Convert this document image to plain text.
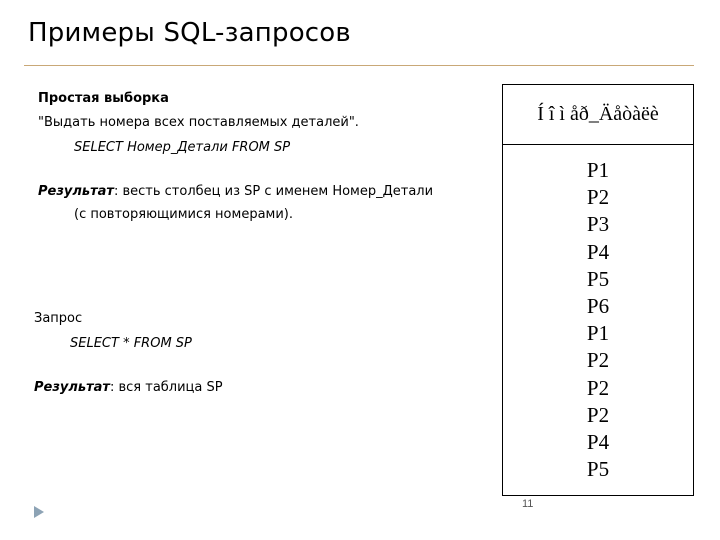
Примеры SQL-запросов
Простая выборка
"Выдать номера всех поставляемых деталей".
SELECT Номер_Детали FROM SP
Результат: весть столбец из SP с именем Номер_Детали
(с повторяющимися номерами).
Запрос
SELECT * FROM SP
Результат: вся таблица SP
Í î ì åð_Äåòàëè
P1
P2
P3
P4
P5
P6
P1
P2
P2
P2
P4
P5
11
